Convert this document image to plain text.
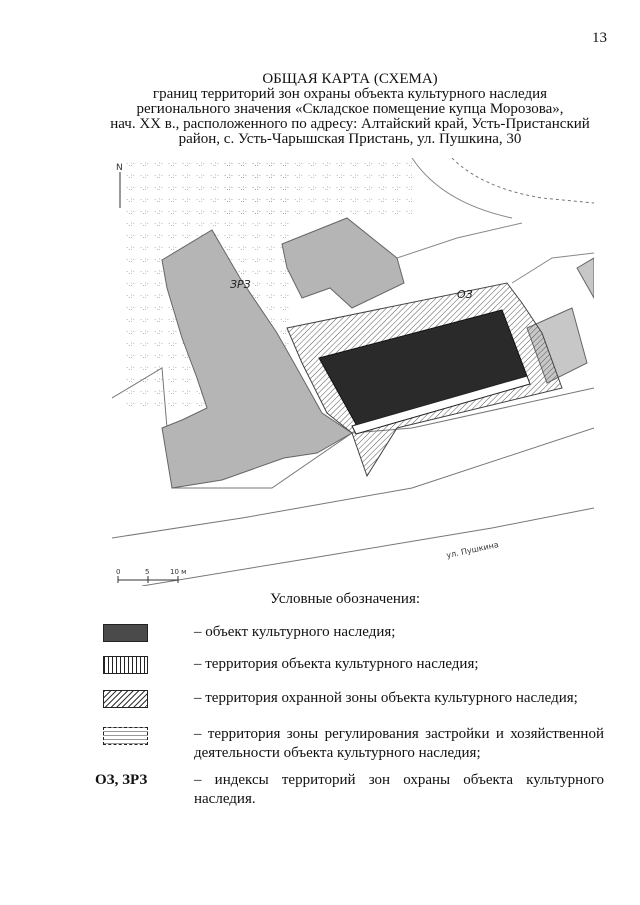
13
ОБЩАЯ КАРТА (СХЕМА)
границ территорий зон охраны объекта культурного наследия
регионального значения «Складское помещение купца Морозова»,
нач. XX в., расположенного по адресу: Алтайский край, Усть-Пристанский
район, с. Усть-Чарышская Пристань, ул. Пушкина, 30
N
ЗРЗ
ОЗ
ул. Пушкина
0	5	10 м
Условные обозначения:
– объект культурного наследия;
– территория объекта культурного наследия;
– территория охранной зоны объекта культурного наследия;
– территория зоны регулирования застройки и хозяйственной деятельности объекта культурного наследия;
ОЗ, ЗРЗ	– индексы территорий зон охраны объекта культурного наследия.
